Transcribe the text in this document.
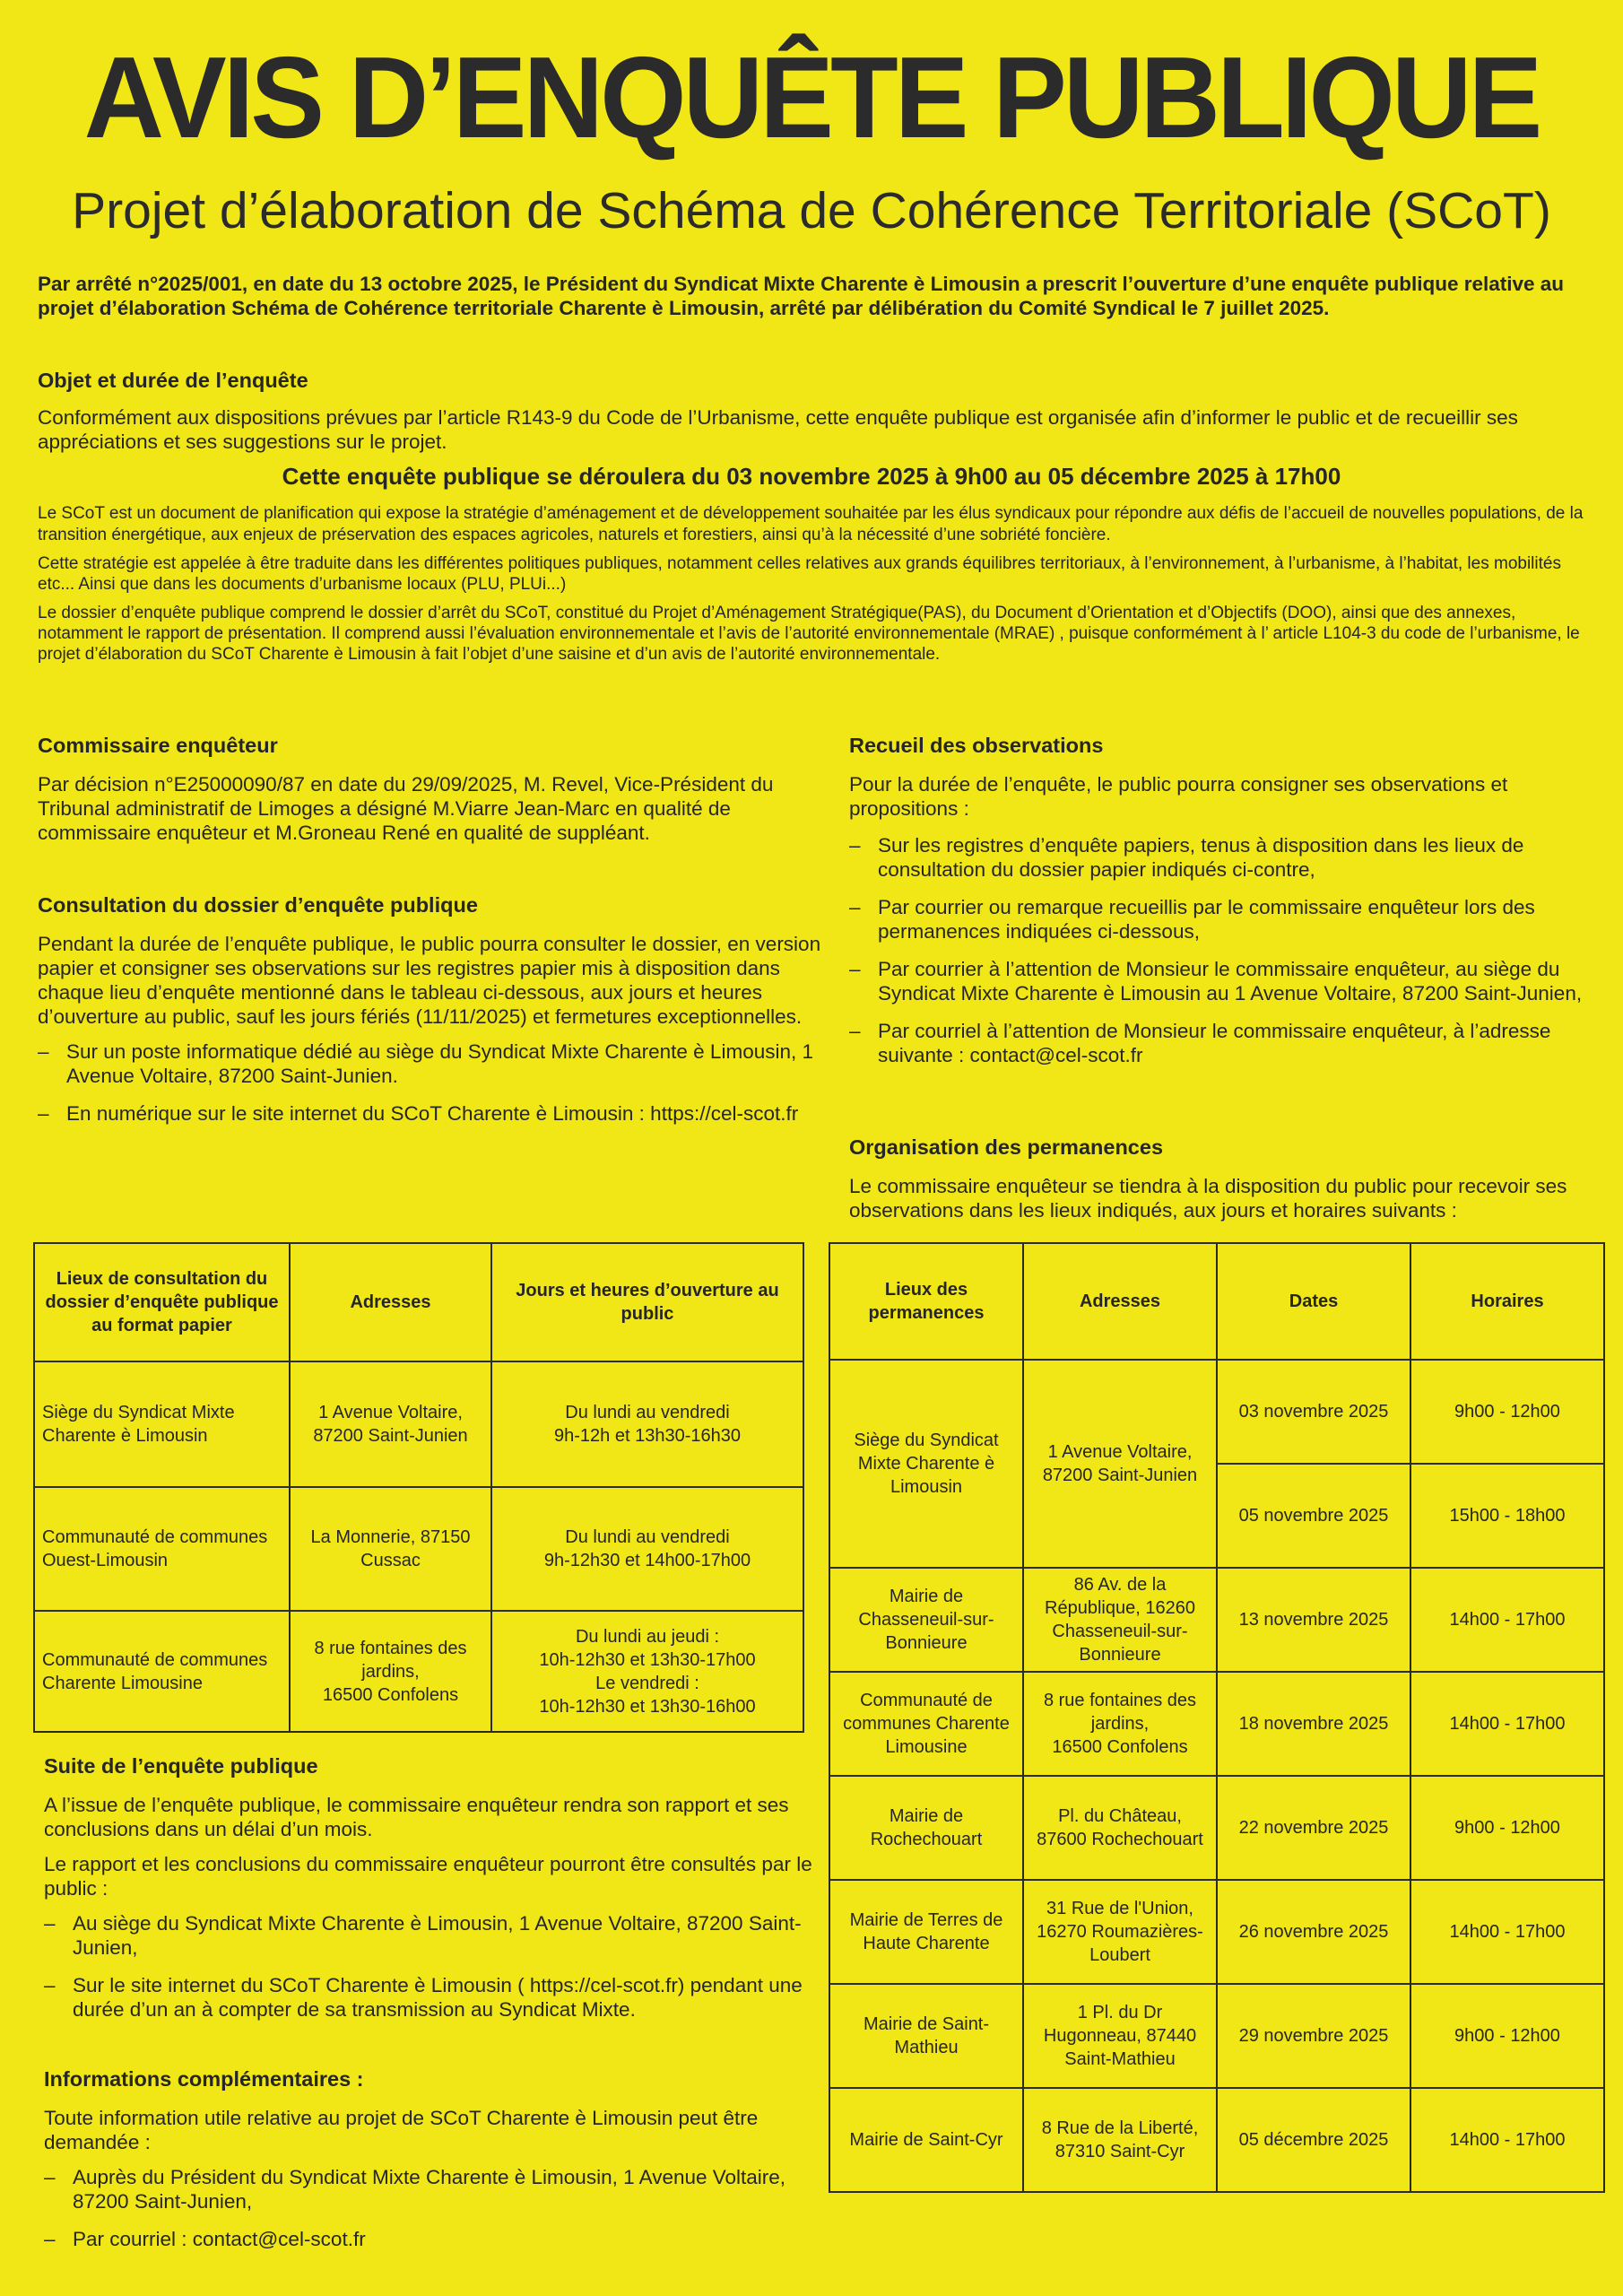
AVIS D’ENQUÊTE PUBLIQUE

Projet d’élaboration de Schéma de Cohérence Territoriale (SCoT)

Par arrêté n°2025/001, en date du 13 octobre 2025, le Président du Syndicat Mixte Charente è Limousin a prescrit l’ouverture d’une enquête publique relative au projet d’élaboration Schéma de Cohérence territoriale Charente è Limousin, arrêté par délibération du Comité Syndical le 7 juillet 2025.

Objet et durée de l’enquête

Conformément aux dispositions prévues par l’article R143-9 du Code de l’Urbanisme, cette enquête publique est organisée afin d’informer le public et de recueillir ses appréciations et ses suggestions sur le projet.

Cette enquête publique se déroulera du 03 novembre 2025 à 9h00 au 05 décembre 2025 à 17h00

Le SCoT est un document de planification qui expose la stratégie d’aménagement et de développement souhaitée par les élus syndicaux pour répondre aux défis de l’accueil de nouvelles populations, de la transition énergétique, aux enjeux de préservation des espaces agricoles, naturels et forestiers, ainsi qu’à la nécessité d’une sobriété foncière.

Cette stratégie est appelée à être traduite dans les différentes politiques publiques, notamment celles relatives aux grands équilibres territoriaux, à l’environnement, à l’urbanisme, à l’habitat, les mobilités etc... Ainsi que dans les documents d’urbanisme locaux (PLU, PLUi...)

Le dossier d’enquête publique comprend le dossier d’arrêt du SCoT, constitué du Projet d’Aménagement Stratégique(PAS), du Document d’Orientation et d’Objectifs (DOO), ainsi que des annexes, notamment le rapport de présentation. Il comprend aussi l’évaluation environnementale et l’avis de l’autorité environnementale (MRAE) , puisque conformément à l’ article L104-3 du code de l’urbanisme, le projet d’élaboration du SCoT Charente è Limousin à fait l’objet d’une saisine et d’un avis de l’autorité environnementale.

Commissaire enquêteur

Par décision n°E25000090/87 en date du 29/09/2025, M. Revel, Vice-Président du Tribunal administratif de Limoges a désigné M.Viarre Jean-Marc en qualité de commissaire enquêteur et M.Groneau René en qualité de suppléant.

Consultation du dossier d’enquête publique

Pendant la durée de l’enquête publique, le public pourra consulter le dossier, en version papier et consigner ses observations sur les registres papier mis à disposition dans chaque lieu d’enquête mentionné dans le tableau ci-dessous, aux jours et heures d’ouverture au public, sauf les jours fériés (11/11/2025) et fermetures exceptionnelles.

– Sur un poste informatique dédié au siège du Syndicat Mixte Charente è Limousin, 1 Avenue Voltaire, 87200 Saint-Junien.
– En numérique sur le site internet du SCoT Charente è Limousin : https://cel-scot.fr

Recueil des observations

Pour la durée de l’enquête, le public pourra consigner ses observations et propositions :

– Sur les registres d’enquête papiers, tenus à disposition dans les lieux de consultation du dossier papier indiqués ci-contre,
– Par courrier ou remarque recueillis par le commissaire enquêteur lors des permanences indiquées ci-dessous,
– Par courrier à l’attention de Monsieur le commissaire enquêteur, au siège du Syndicat Mixte Charente è Limousin au 1 Avenue Voltaire, 87200 Saint-Junien,
– Par courriel à l’attention de Monsieur le commissaire enquêteur, à l’adresse suivante : contact@cel-scot.fr

Organisation des permanences

Le commissaire enquêteur se tiendra à la disposition du public pour recevoir ses observations dans les lieux indiqués, aux jours et horaires suivants :

Lieux de consultation du dossier d’enquête publique au format papier	Adresses	Jours et heures d’ouverture au public
Siège du Syndicat Mixte Charente è Limousin	1 Avenue Voltaire, 87200 Saint-Junien	Du lundi au vendredi
9h-12h et 13h30-16h30
Communauté de communes Ouest-Limousin	La Monnerie, 87150 Cussac	Du lundi au vendredi
9h-12h30 et 14h00-17h00
Communauté de communes Charente Limousine	8 rue fontaines des jardins,
16500 Confolens	Du lundi au jeudi :
10h-12h30 et 13h30-17h00
Le vendredi :
10h-12h30 et 13h30-16h00
Lieux des permanences	Adresses	Dates	Horaires
Siège du Syndicat Mixte Charente è Limousin	1 Avenue Voltaire, 87200 Saint-Junien	03 novembre 2025	9h00 - 12h00
		05 novembre 2025	15h00 - 18h00
Mairie de Chasseneuil-sur-Bonnieure	86 Av. de la République, 16260 Chasseneuil-sur-Bonnieure	13 novembre 2025	14h00 - 17h00
Communauté de communes Charente Limousine	8 rue fontaines des jardins,
16500 Confolens	18 novembre 2025	14h00 - 17h00
Mairie de Rochechouart	Pl. du Château, 87600 Rochechouart	22 novembre 2025	9h00 - 12h00
Mairie de Terres de Haute Charente	31 Rue de l'Union, 16270 Roumazières-Loubert	26 novembre 2025	14h00 - 17h00
Mairie de Saint-Mathieu	1 Pl. du Dr Hugonneau, 87440 Saint-Mathieu	29 novembre 2025	9h00 - 12h00
Mairie de Saint-Cyr	8 Rue de la Liberté, 87310 Saint-Cyr	05 décembre 2025	14h00 - 17h00

Suite de l’enquête publique

A l’issue de l’enquête publique, le commissaire enquêteur rendra son rapport et ses conclusions dans un délai d’un mois.

Le rapport et les conclusions du commissaire enquêteur pourront être consultés par le public :

– Au siège du Syndicat Mixte Charente è Limousin, 1 Avenue Voltaire, 87200 Saint-Junien,
– Sur le site internet du SCoT Charente è Limousin ( https://cel-scot.fr) pendant une durée d’un an à compter de sa transmission au Syndicat Mixte.

Informations complémentaires :

Toute information utile relative au projet de SCoT Charente è Limousin peut être demandée :

– Auprès du Président du Syndicat Mixte Charente è Limousin, 1 Avenue Voltaire, 87200 Saint-Junien,
– Par courriel : contact@cel-scot.fr
